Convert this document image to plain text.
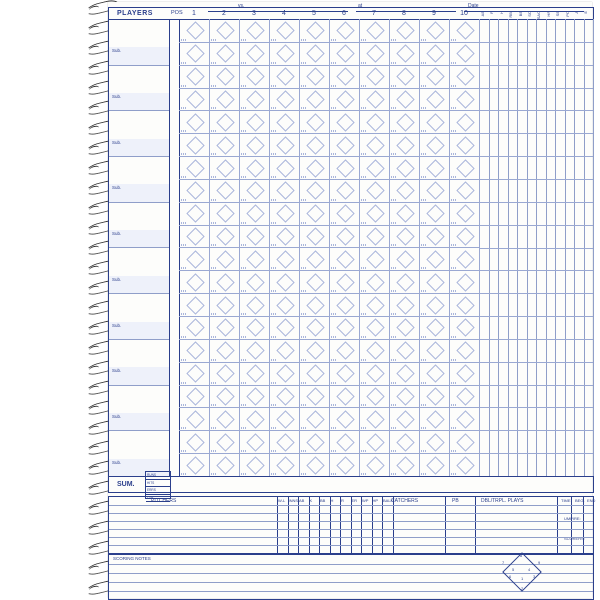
vs.	at	Date
PLAYERS	POS	1	2	3	4	5	6	7	8	9	10	AB	R	H	RBI	BB	SO	SAC	HP	SB	PO	A	E
Sub.
Sub.
Sub.
Sub.
Sub.
Sub.
Sub.
Sub.
Sub.
Sub.
SUM.
RUNS
HITS
ERRS
LOB
PITCHERS	CATCHERS	PB	DBL/TRPL. PLAYS	TIME BEG. END
UMPIRE:
SCORERS:
W-L INNS AB K BB H R ER WP HP BALK
SCORING NOTES
1
2
3
4
5
6
7
8
9
